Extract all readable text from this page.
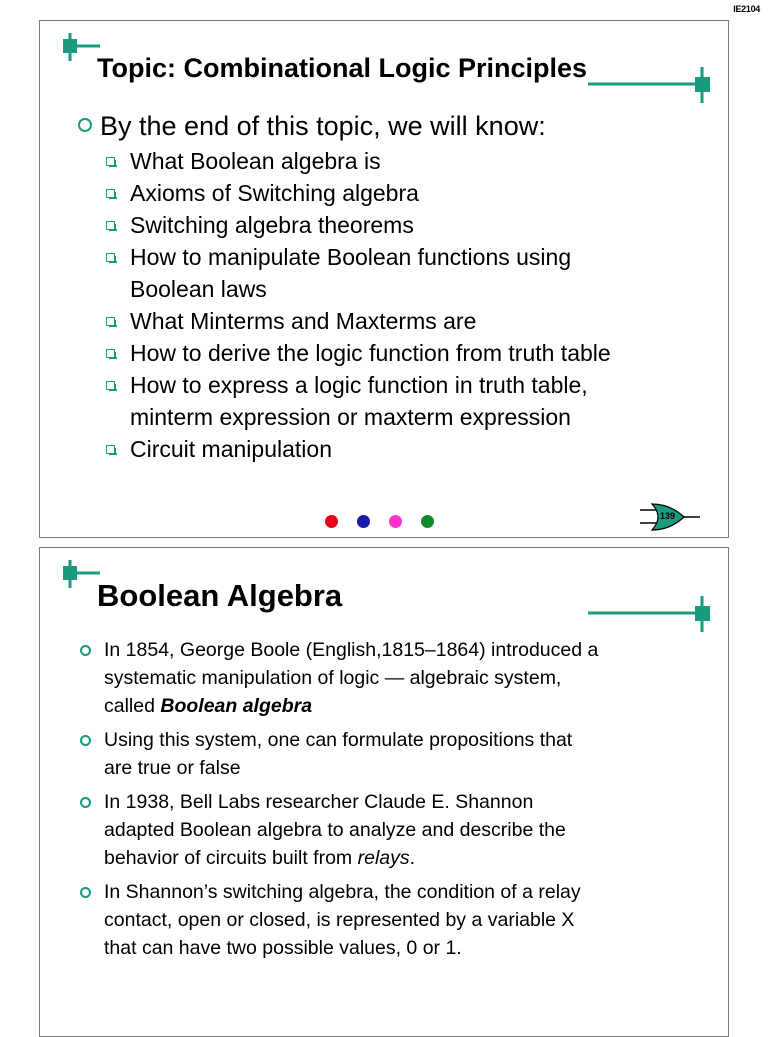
IE2104
Topic: Combinational Logic Principles
By the end of this topic, we will know:
What Boolean algebra is
Axioms of Switching algebra
Switching algebra theorems
How to manipulate Boolean functions using
Boolean laws
What Minterms and Maxterms are
How to derive the logic function from truth table
How to express a logic function in truth table,
minterm expression or maxterm expression
Circuit manipulation
139
Boolean Algebra
In 1854, George Boole (English,1815–1864) introduced a
systematic manipulation of logic — algebraic system,
called Boolean algebra
Using this system, one can formulate propositions that
are true or false
In 1938, Bell Labs researcher Claude E. Shannon
adapted Boolean algebra to analyze and describe the
behavior of circuits built from relays.
In Shannon’s switching algebra, the condition of a relay
contact, open or closed, is represented by a variable X
that can have two possible values, 0 or 1.
